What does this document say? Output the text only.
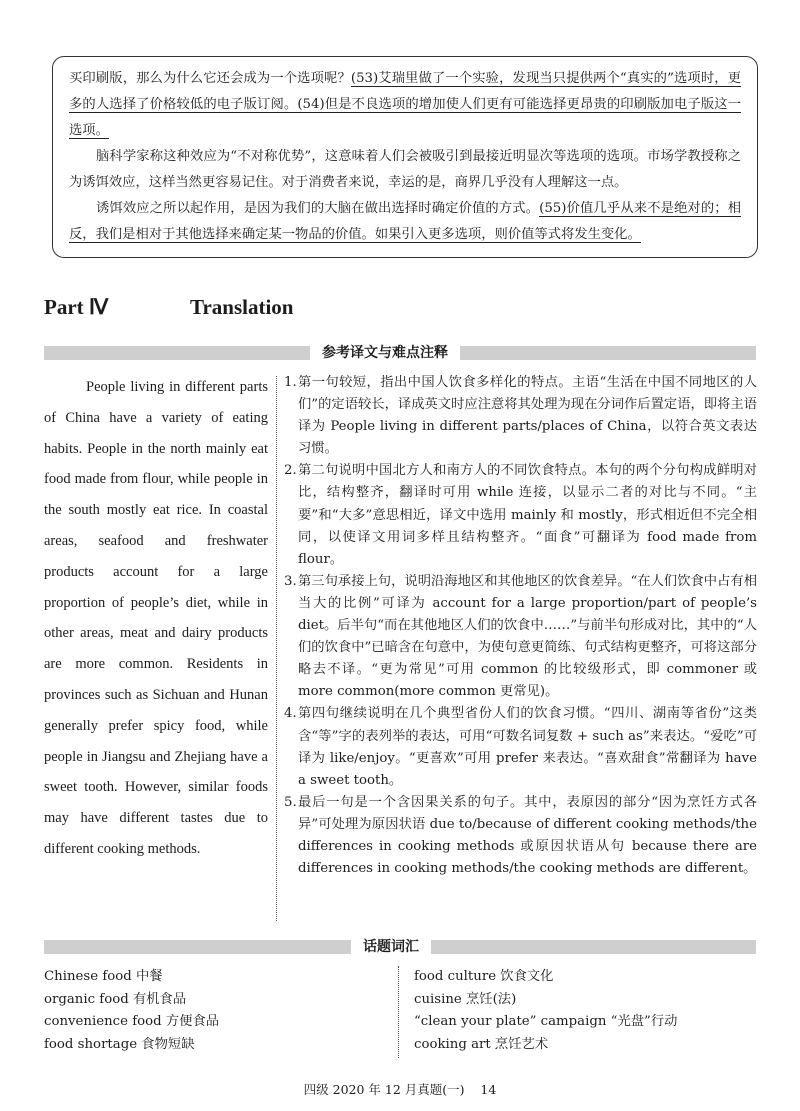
买印刷版，那么为什么它还会成为一个选项呢？(53)艾瑞里做了一个实验，发现当只提供两个“真实的”选项时，更多的人选择了价格较低的电子版订阅。(54)但是不良选项的增加使人们更有可能选择更昂贵的印刷版加电子版这一选项。

脑科学家称这种效应为“不对称优势”，这意味着人们会被吸引到最接近明显次等选项的选项。市场学教授称之为诱饵效应，这样当然更容易记住。对于消费者来说，幸运的是，商界几乎没有人理解这一点。

诱饵效应之所以起作用，是因为我们的大脑在做出选择时确定价值的方式。(55)价值几乎从来不是绝对的；相反，我们是相对于其他选择来确定某一物品的价值。如果引入更多选项，则价值等式将发生变化。

Part Ⅳ	Translation
参考译文与难点注释
People living in different parts of China have a variety of eating habits. People in the north mainly eat food made from flour, while people in the south mostly eat rice. In coastal areas, seafood and freshwater products account for a large proportion of people’s diet, while in other areas, meat and dairy products are more common. Residents in provinces such as Sichuan and Hunan generally prefer spicy food, while people in Jiangsu and Zhejiang have a sweet tooth. However, similar foods may have different tastes due to different cooking methods.
1. 第一句较短，指出中国人饮食多样化的特点。主语“生活在中国不同地区的人们”的定语较长，译成英文时应注意将其处理为现在分词作后置定语，即将主语译为 People living in different parts/places of China，以符合英文表达习惯。
2. 第二句说明中国北方人和南方人的不同饮食特点。本句的两个分句构成鲜明对比，结构整齐，翻译时可用 while 连接，以显示二者的对比与不同。“主要”和“大多”意思相近，译文中选用 mainly 和 mostly，形式相近但不完全相同，以使译文用词多样且结构整齐。“面食”可翻译为 food made from flour。
3. 第三句承接上句，说明沿海地区和其他地区的饮食差异。“在人们饮食中占有相当大的比例”可译为 account for a large proportion/part of people’s diet。后半句“而在其他地区人们的饮食中……”与前半句形成对比，其中的“人们的饮食中”已暗含在句意中，为使句意更简练、句式结构更整齐，可将这部分略去不译。“更为常见”可用 common 的比较级形式，即 commoner 或 more common(more common 更常见)。
4. 第四句继续说明在几个典型省份人们的饮食习惯。“四川、湖南等省份”这类含“等”字的表列举的表达，可用“可数名词复数 + such as”来表达。“爱吃”可译为 like/enjoy。“更喜欢”可用 prefer 来表达。“喜欢甜食”常翻译为 have a sweet tooth。
5. 最后一句是一个含因果关系的句子。其中，表原因的部分“因为烹饪方式各异”可处理为原因状语 due to/because of different cooking methods/the differences in cooking methods 或原因状语从句 because there are differences in cooking methods/the cooking methods are different。
话题词汇
Chinese food 中餐
organic food 有机食品
convenience food 方便食品
food shortage 食物短缺
food culture 饮食文化
cuisine 烹饪(法)
“clean your plate” campaign “光盘”行动
cooking art 烹饪艺术
四级 2020 年 12 月真题(一)    14
